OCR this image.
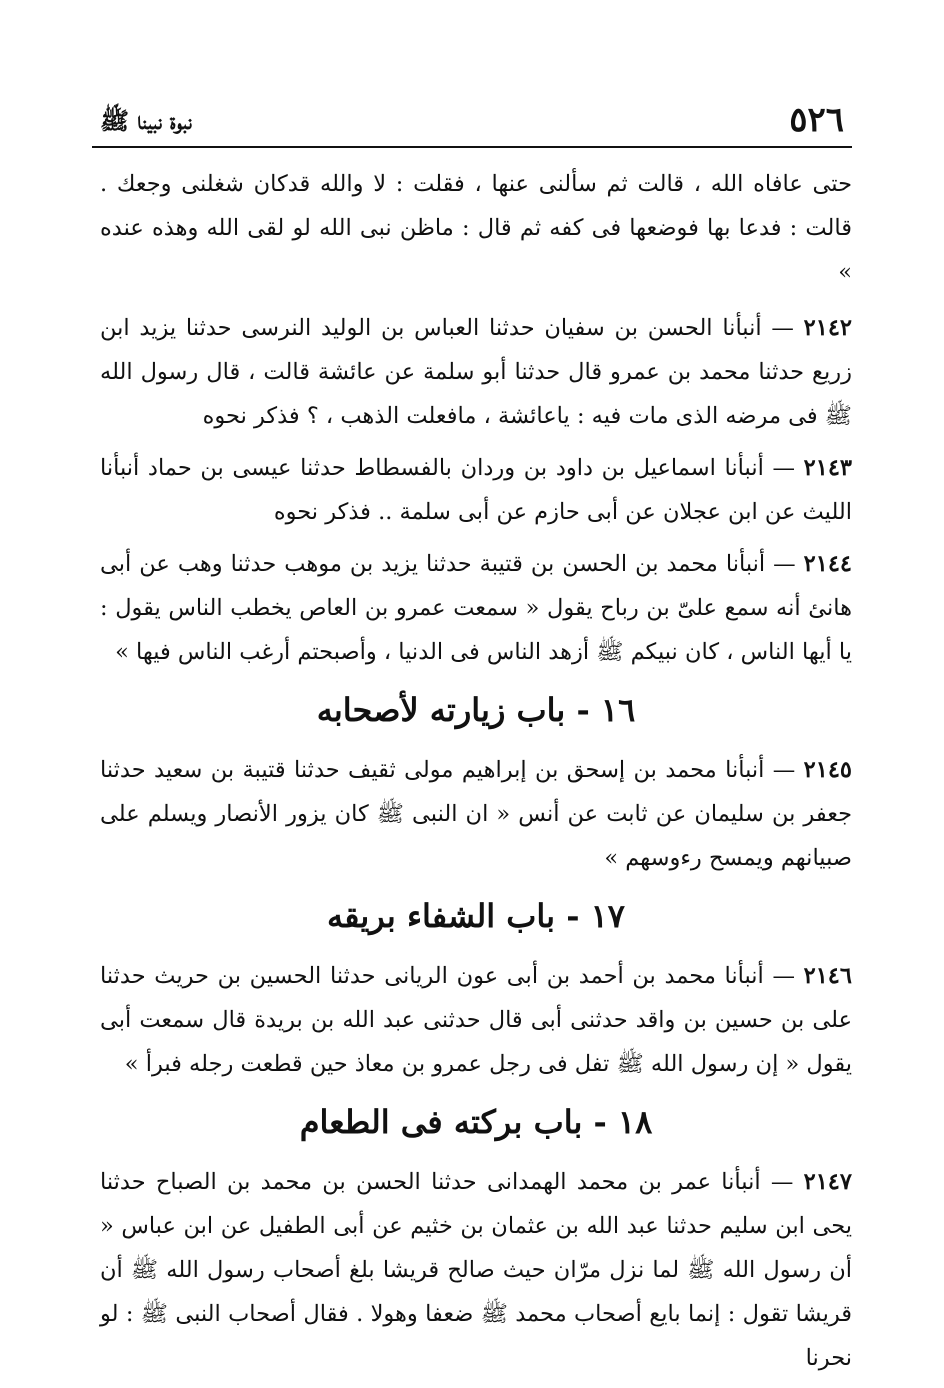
٥٢٦
نبوة نبينا ﷺ

حتى عافاه الله ، قالت ثم سألنى عنها ، فقلت : لا والله قدكان شغلنى وجعك . قالت : فدعا بها فوضعها فى كفه ثم قال : ماظن نبى الله لو لقى الله وهذه عنده »

٢١٤٢ — أنبأنا الحسن بن سفيان حدثنا العباس بن الوليد النرسى حدثنا يزيد ابن زريع حدثنا محمد بن عمرو قال حدثنا أبو سلمة عن عائشة قالت ، قال رسول الله ﷺ فى مرضه الذى مات فيه : ياعائشة ، مافعلت الذهب ، ؟ فذكر نحوه

٢١٤٣ — أنبأنا اسماعيل بن داود بن وردان بالفسطاط حدثنا عيسى بن حماد أنبأنا الليث عن ابن عجلان عن أبى حازم عن أبى سلمة .. فذكر نحوه

٢١٤٤ — أنبأنا محمد بن الحسن بن قتيبة حدثنا يزيد بن موهب حدثنا وهب عن أبى هانئ أنه سمع علىّ بن رباح يقول « سمعت عمرو بن العاص يخطب الناس يقول : يا أيها الناس ، كان نبيكم ﷺ أزهد الناس فى الدنيا ، وأصبحتم أرغب الناس فيها »

١٦ - باب زيارته لأصحابه

٢١٤٥ — أنبأنا محمد بن إسحق بن إبراهيم مولى ثقيف حدثنا قتيبة بن سعيد حدثنا جعفر بن سليمان عن ثابت عن أنس « ان النبى ﷺ كان يزور الأنصار ويسلم على صبيانهم ويمسح رءوسهم »

١٧ - باب الشفاء بريقه

٢١٤٦ — أنبأنا محمد بن أحمد بن أبى عون الريانى حدثنا الحسين بن حريث حدثنا على بن حسين بن واقد حدثنى أبى قال حدثنى عبد الله بن بريدة قال سمعت أبى يقول « إن رسول الله ﷺ تفل فى رجل عمرو بن معاذ حين قطعت رجله فبرأ »

١٨ - باب بركته فى الطعام

٢١٤٧ — أنبأنا عمر بن محمد الهمدانى حدثنا الحسن بن محمد بن الصباح حدثنا يحى ابن سليم حدثنا عبد الله بن عثمان بن خثيم عن أبى الطفيل عن ابن عباس « أن رسول الله ﷺ لما نزل مرّان حيث صالح قريشا بلغ أصحاب رسول الله ﷺ أن قريشا تقول : إنما بايع أصحاب محمد ﷺ ضعفا وهولا . فقال أصحاب النبى ﷺ : لو نحرنا
